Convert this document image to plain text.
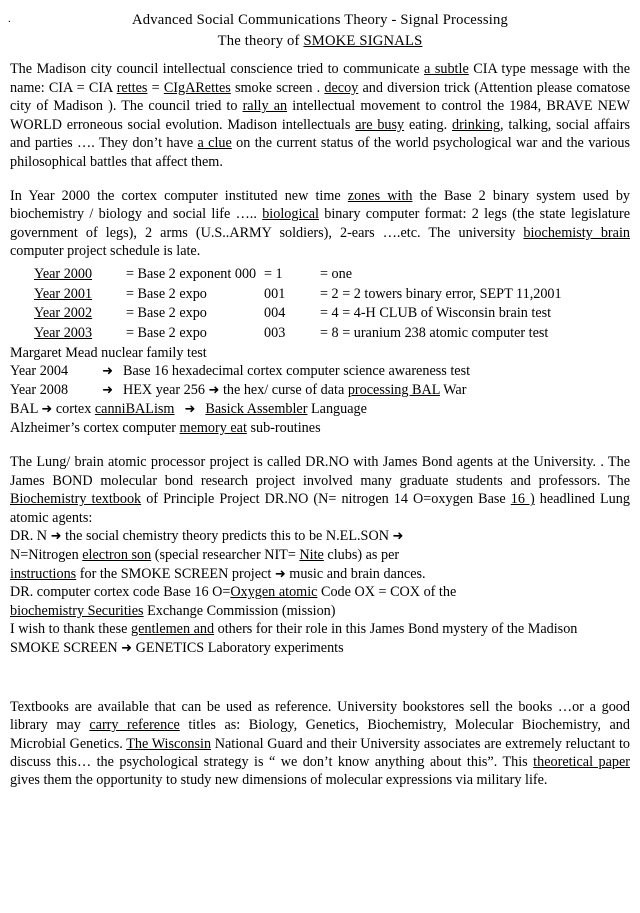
.	Advanced Social Communications Theory - Signal Processing
The theory of SMOKE SIGNALS

The Madison city council intellectual conscience tried to communicate a subtle CIA type message with the name: CIA = CIA rettes = CIgARettes smoke screen . decoy and diversion trick (Attention please comatose city of Madison ). The council tried to rally an intellectual movement to control the 1984, BRAVE NEW WORLD erroneous social evolution. Madison intellectuals are busy eating. drinking, talking, social affairs and parties …. They don’t have a clue on the current status of the world psychological war and the various philosophical battles that affect them.

In Year 2000 the cortex computer instituted new time zones with the Base 2 binary system used by biochemistry / biology and social life ….. biological binary computer format: 2 legs (the state legislature government of legs), 2 arms (U.S..ARMY soldiers), 2-ears ….etc. The university biochemisty brain computer project schedule is late.

Year 2000	= Base 2 exponent 000	= 1	= one
Year 2001	= Base 2 expo	001	= 2 = 2 towers binary error, SEPT 11,2001
Year 2002	= Base 2 expo	004	= 4 = 4-H CLUB of Wisconsin brain test
Year 2003	= Base 2 expo	003	= 8 = uranium 238 atomic computer test

Margaret Mead nuclear family test

Year 2004	➜ Base 16 hexadecimal cortex computer science awareness test

Year 2008	➜ HEX year 256 ➜ the hex/ curse of data processing BAL War

BAL ➜ cortex canniBALism ➜ Basick Assembler Language

Alzheimer’s cortex computer memory eat sub-routines

The Lung/ brain atomic processor project is called DR.NO with James Bond agents at the University. . The James BOND molecular bond research project involved many graduate students and professors. The Biochemistry textbook of Principle Project DR.NO (N= nitrogen 14 O=oxygen Base 16 ) headlined Lung atomic agents:

DR. N ➜ the social chemistry theory predicts this to be N.EL.SON ➜

N=Nitrogen electron son (special researcher NIT= Nite clubs) as per

instructions for the SMOKE SCREEN project ➜ music and brain dances.

DR. computer cortex code Base 16 O=Oxygen atomic Code OX = COX of the

biochemistry Securities Exchange Commission (mission)

I wish to thank these gentlemen and others for their role in this James Bond mystery of the Madison

SMOKE SCREEN ➜ GENETICS Laboratory experiments

Textbooks are available that can be used as reference. University bookstores sell the books …or a good library may carry reference titles as: Biology, Genetics, Biochemistry, Molecular Biochemistry, and Microbial Genetics. The Wisconsin National Guard and their University associates are extremely reluctant to discuss this… the psychological strategy is “ we don’t know anything about this”. This theoretical paper gives them the opportunity to study new dimensions of molecular expressions via military life.
